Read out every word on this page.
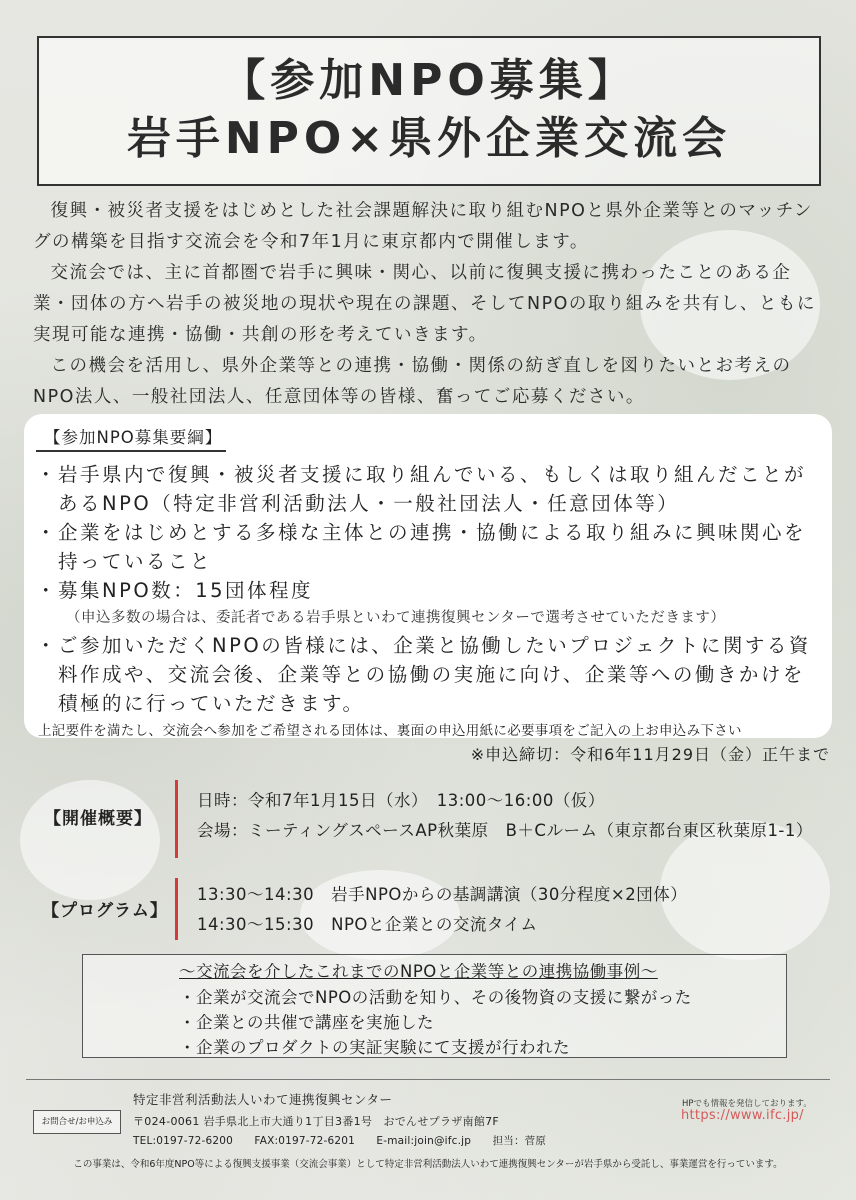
【参加NPO募集】
岩手NPO×県外企業交流会

復興・被災者支援をはじめとした社会課題解決に取り組むNPOと県外企業等とのマッチングの構築を目指す交流会を令和7年1月に東京都内で開催します。

交流会では、主に首都圏で岩手に興味・関心、以前に復興支援に携わったことのある企業・団体の方へ岩手の被災地の現状や現在の課題、そしてNPOの取り組みを共有し、ともに実現可能な連携・協働・共創の形を考えていきます。

この機会を活用し、県外企業等との連携・協働・関係の紡ぎ直しを図りたいとお考えのNPO法人、一般社団法人、任意団体等の皆様、奮ってご応募ください。

【参加NPO募集要綱】
・ 岩手県内で復興・被災者支援に取り組んでいる、もしくは取り組んだことがあるNPO（特定非営利活動法人・一般社団法人・任意団体等）
・ 企業をはじめとする多様な主体との連携・協働による取り組みに興味関心を持っていること
・ 募集NPO数：15団体程度
（申込多数の場合は、委託者である岩手県といわて連携復興センターで選考させていただきます）
・ ご参加いただくNPOの皆様には、企業と協働したいプロジェクトに関する資料作成や、交流会後、企業等との協働の実施に向け、企業等への働きかけを積極的に行っていただきます。
上記要件を満たし、交流会へ参加をご希望される団体は、裏面の申込用紙に必要事項をご記入の上お申込み下さい
※申込締切：令和6年11月29日（金）正午まで
【開催概要】
日時：令和7年1月15日（水）　13:00〜16:00（仮）
会場：ミーティングスペースAP秋葉原　B＋Cルーム（東京都台東区秋葉原1-1）
【プログラム】
13:30〜14:30　岩手NPOからの基調講演（30分程度×2団体）
14:30〜15:30　NPOと企業との交流タイム
〜交流会を介したこれまでのNPOと企業等との連携協働事例〜
・企業が交流会でNPOの活動を知り、その後物資の支援に繋がった
・企業との共催で講座を実施した
・企業のプロダクトの実証実験にて支援が行われた
お問合せ/お申込み
特定非営利活動法人いわて連携復興センター
〒024-0061 岩手県北上市大通り1丁目3番1号　おでんせプラザ南館7F
TEL:0197-72-6200　　FAX:0197-72-6201　　E-mail:join@ifc.jp　　担当：菅原
HPでも情報を発信しております。
https://www.ifc.jp/
この事業は、令和6年度NPO等による復興支援事業（交流会事業）として特定非営利活動法人いわて連携復興センターが岩手県から受託し、事業運営を行っています。
